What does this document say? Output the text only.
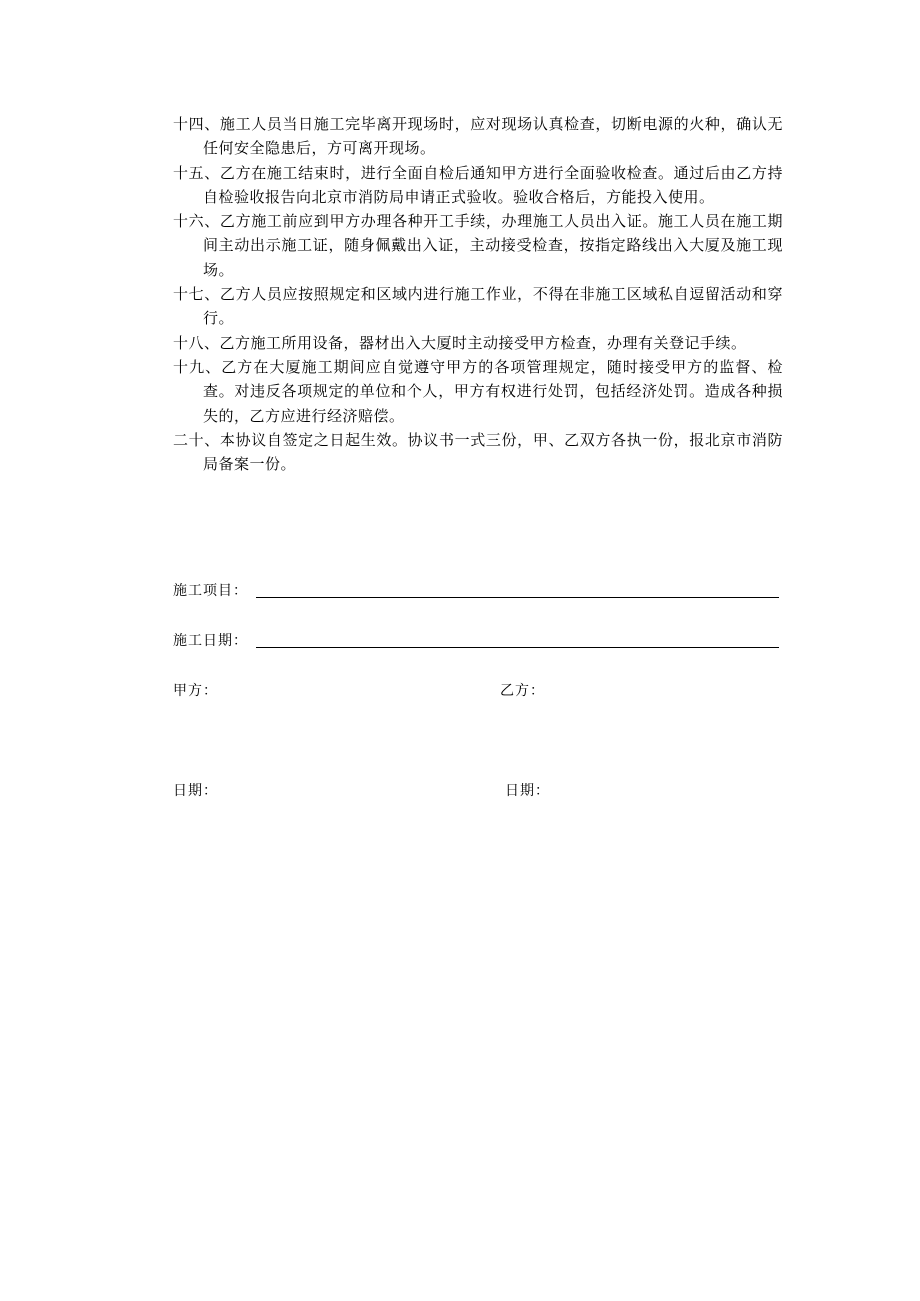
十四、施工人员当日施工完毕离开现场时，应对现场认真检查，切断电源的火种，确认无任何安全隐患后，方可离开现场。
十五、乙方在施工结束时，进行全面自检后通知甲方进行全面验收检查。通过后由乙方持自检验收报告向北京市消防局申请正式验收。验收合格后，方能投入使用。
十六、乙方施工前应到甲方办理各种开工手续，办理施工人员出入证。施工人员在施工期间主动出示施工证，随身佩戴出入证，主动接受检查，按指定路线出入大厦及施工现场。
十七、乙方人员应按照规定和区域内进行施工作业，不得在非施工区域私自逗留活动和穿行。
十八、乙方施工所用设备，器材出入大厦时主动接受甲方检查，办理有关登记手续。
十九、乙方在大厦施工期间应自觉遵守甲方的各项管理规定，随时接受甲方的监督、检查。对违反各项规定的单位和个人，甲方有权进行处罚，包括经济处罚。造成各种损失的，乙方应进行经济赔偿。
二十、本协议自签定之日起生效。协议书一式三份，甲、乙双方各执一份，报北京市消防局备案一份。
施工项目：
施工日期：
甲方：	乙方：
日期：	日期：
